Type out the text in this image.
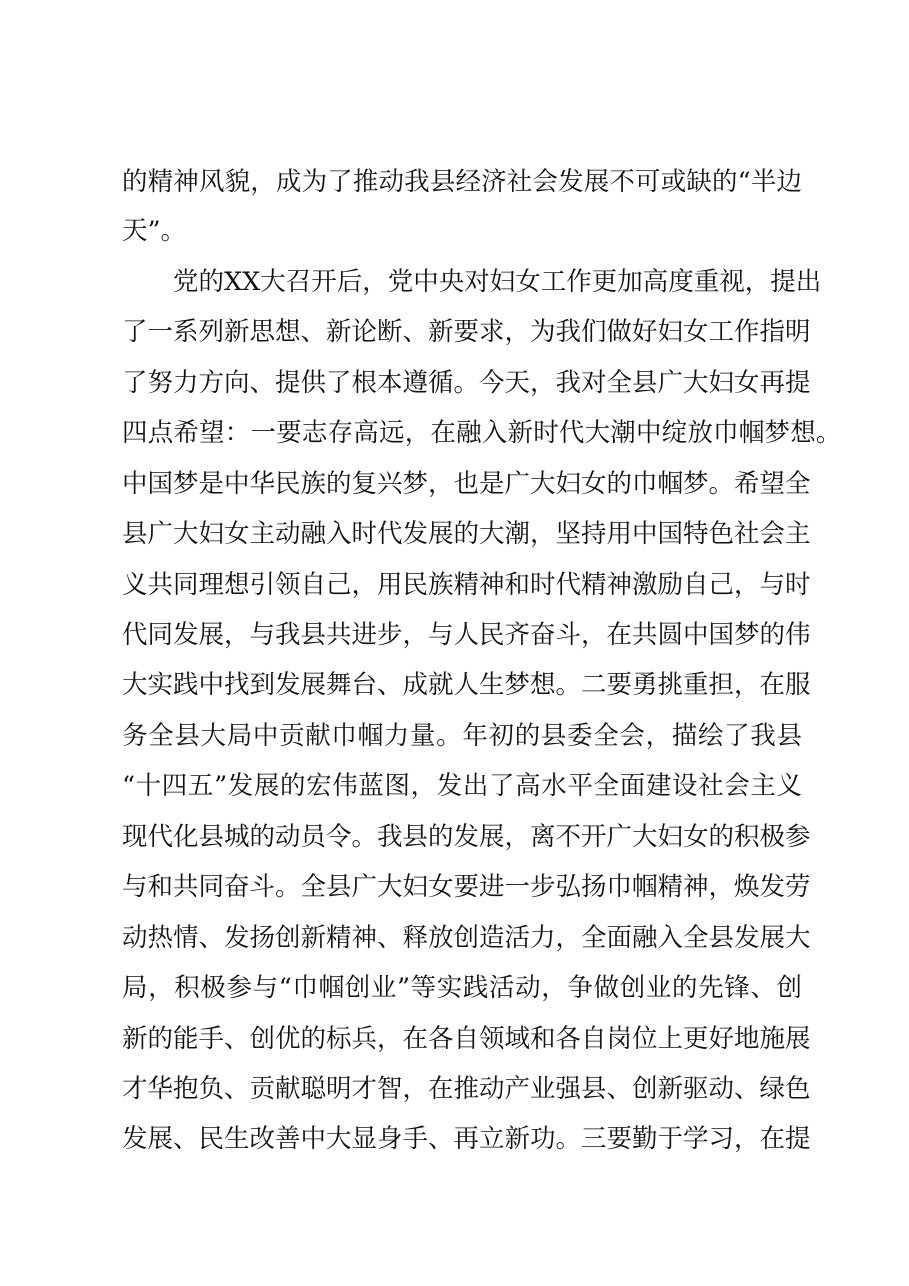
的精神风貌，成为了推动我县经济社会发展不可或缺的“半边
天”。
党的XX大召开后，党中央对妇女工作更加高度重视，提出
了一系列新思想、新论断、新要求，为我们做好妇女工作指明
了努力方向、提供了根本遵循。今天，我对全县广大妇女再提
四点希望：一要志存高远，在融入新时代大潮中绽放巾帼梦想。
中国梦是中华民族的复兴梦，也是广大妇女的巾帼梦。希望全
县广大妇女主动融入时代发展的大潮，坚持用中国特色社会主
义共同理想引领自己，用民族精神和时代精神激励自己，与时
代同发展，与我县共进步，与人民齐奋斗，在共圆中国梦的伟
大实践中找到发展舞台、成就人生梦想。二要勇挑重担，在服
务全县大局中贡献巾帼力量。年初的县委全会，描绘了我县
“十四五”发展的宏伟蓝图，发出了高水平全面建设社会主义
现代化县城的动员令。我县的发展，离不开广大妇女的积极参
与和共同奋斗。全县广大妇女要进一步弘扬巾帼精神，焕发劳
动热情、发扬创新精神、释放创造活力，全面融入全县发展大
局，积极参与“巾帼创业”等实践活动，争做创业的先锋、创
新的能手、创优的标兵，在各自领域和各自岗位上更好地施展
才华抱负、贡献聪明才智，在推动产业强县、创新驱动、绿色
发展、民生改善中大显身手、再立新功。三要勤于学习，在提
